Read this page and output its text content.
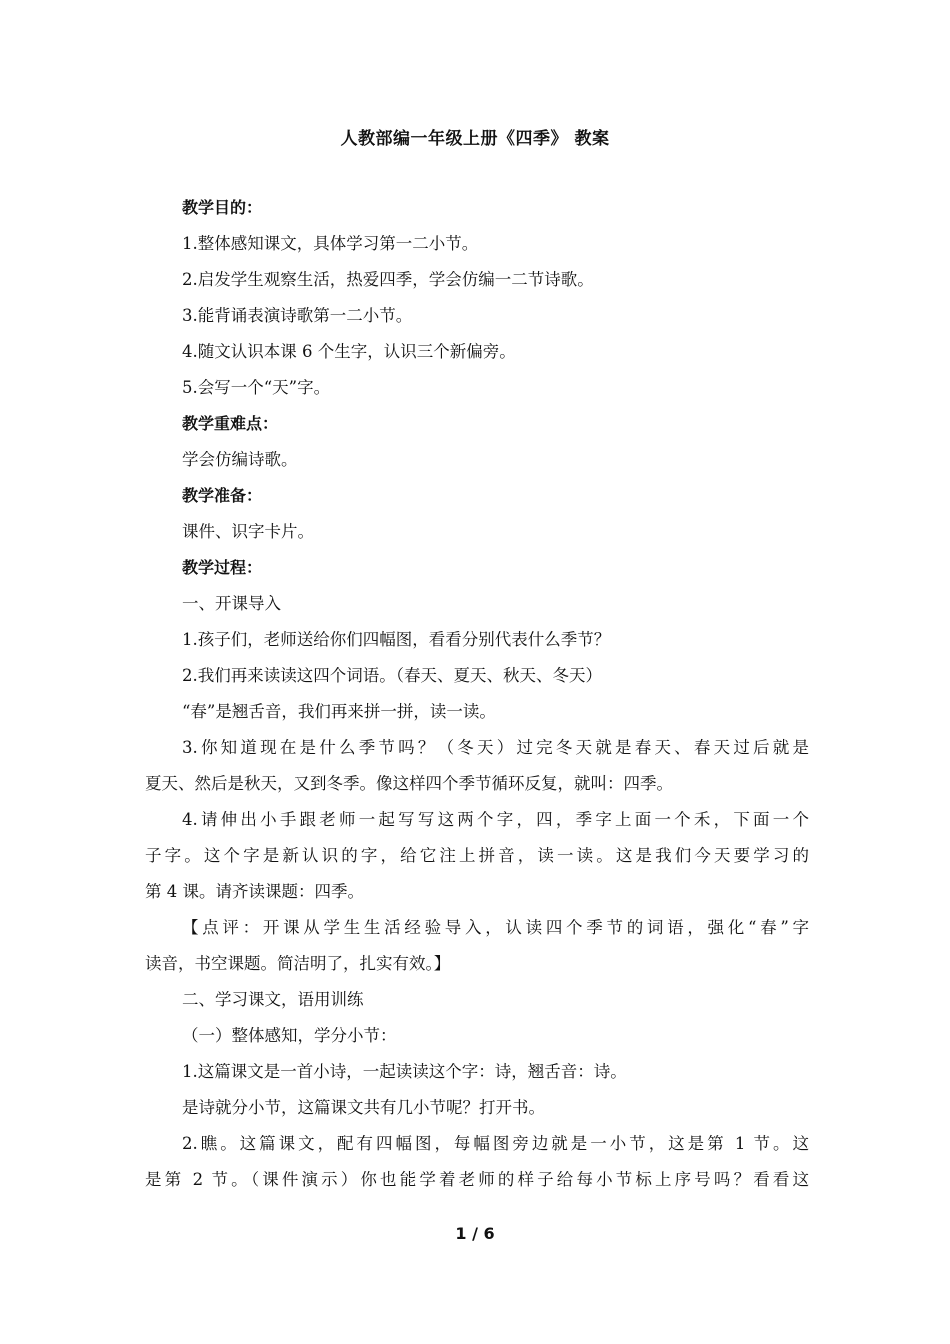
人教部编一年级上册《四季》 教案
教学目的：
1.整体感知课文，具体学习第一二小节。
2.启发学生观察生活，热爱四季，学会仿编一二节诗歌。
3.能背诵表演诗歌第一二小节。
4.随文认识本课 6 个生字，认识三个新偏旁。
5.会写一个“天”字。
教学重难点：
学会仿编诗歌。
教学准备：
课件、识字卡片。
教学过程：
一、开课导入
1.孩子们，老师送给你们四幅图，看看分别代表什么季节？
2.我们再来读读这四个词语。（春天、夏天、秋天、冬天）
“春”是翘舌音，我们再来拼一拼，读一读。
3.你知道现在是什么季节吗？（冬天）过完冬天就是春天、春天过后就是
夏天、然后是秋天，又到冬季。像这样四个季节循环反复，就叫：四季。
4.请伸出小手跟老师一起写写这两个字，四，季字上面一个禾，下面一个
子字。这个字是新认识的字，给它注上拼音，读一读。这是我们今天要学习的
第 4 课。请齐读课题：四季。
【点评：开课从学生生活经验导入，认读四个季节的词语，强化“春”字
读音，书空课题。简洁明了，扎实有效。】
二、学习课文，语用训练
（一）整体感知，学分小节：
1.这篇课文是一首小诗，一起读读这个字：诗，翘舌音：诗。
是诗就分小节，这篇课文共有几小节呢？打开书。
2.瞧。这篇课文，配有四幅图，每幅图旁边就是一小节，这是第 1 节。这
是第 2 节。（课件演示）你也能学着老师的样子给每小节标上序号吗？看看这
1 / 6
